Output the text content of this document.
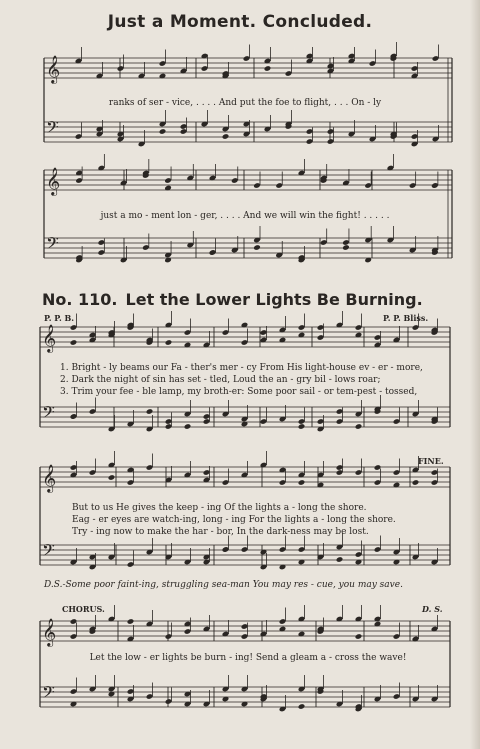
Just a Moment. Concluded.
𝄞
𝄢
𝄞
𝄢
𝄞
𝄢
𝄞
𝄢
𝄞
𝄢
ranks of ser - vice, . . . . And put the foe to flight, . . . On - ly
just a mo - ment lon - ger, . . . . And we will win the fight! . . . . .
No. 110. Let the Lower Lights Be Burning.
P. P. B.	P. P. Bliss.
1. Bright - ly beams our Fa - ther's mer - cy From His light-house ev - er - more,
2. Dark the night of sin has set - tled, Loud the an - gry bil - lows roar;
3. Trim your fee - ble lamp, my broth-er: Some poor sail - or tem-pest - tossed,
FINE.
But to us He gives the keep - ing Of the lights a - long the shore.
Eag - er eyes are watch-ing, long - ing For the lights a - long the shore.
Try - ing now to make the har - bor, In the dark-ness may be lost.
D.S.-Some poor faint-ing, struggling sea-man You may res - cue, you may save.
CHORUS.	D. S.
Let the low - er lights be burn - ing! Send a gleam a - cross the wave!
